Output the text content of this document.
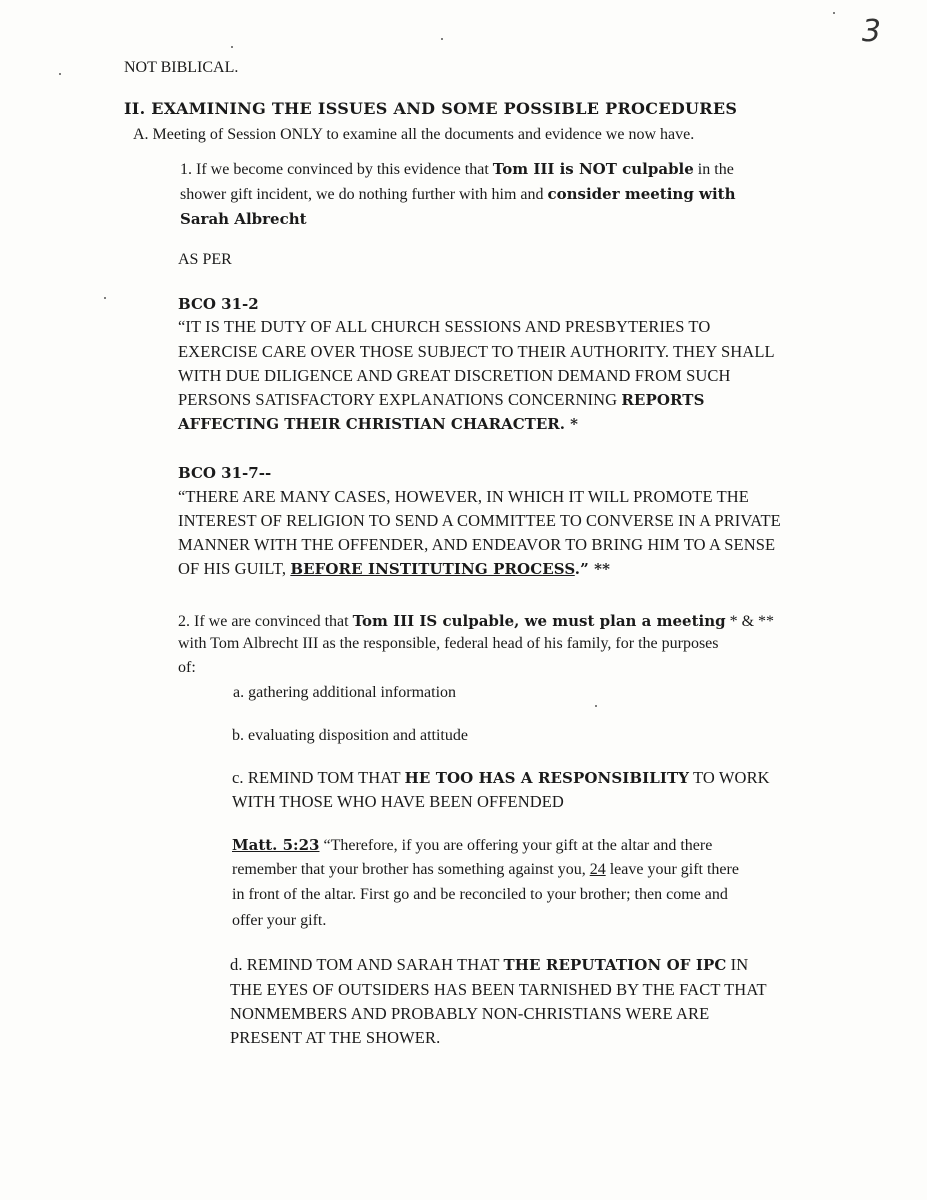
3
NOT BIBLICAL.
II. EXAMINING THE ISSUES AND SOME POSSIBLE PROCEDURES
A. Meeting of Session ONLY to examine all the documents and evidence we now have.
1. If we become convinced by this evidence that Tom III is NOT culpable in the
shower gift incident, we do nothing further with him and consider meeting with
Sarah Albrecht
AS PER
BCO 31-2
“IT IS THE DUTY OF ALL CHURCH SESSIONS AND PRESBYTERIES TO
EXERCISE CARE OVER THOSE SUBJECT TO THEIR AUTHORITY. THEY SHALL
WITH DUE DILIGENCE AND GREAT DISCRETION DEMAND FROM SUCH
PERSONS SATISFACTORY EXPLANATIONS CONCERNING REPORTS
AFFECTING THEIR CHRISTIAN CHARACTER. *
BCO 31-7--
“THERE ARE MANY CASES, HOWEVER, IN WHICH IT WILL PROMOTE THE
INTEREST OF RELIGION TO SEND A COMMITTEE TO CONVERSE IN A PRIVATE
MANNER WITH THE OFFENDER, AND ENDEAVOR TO BRING HIM TO A SENSE
OF HIS GUILT, BEFORE INSTITUTING PROCESS.” **
2. If we are convinced that Tom III IS culpable, we must plan a meeting * & **
with Tom Albrecht III as the responsible, federal head of his family, for the purposes
of:
a. gathering additional information
b. evaluating disposition and attitude
c. REMIND TOM THAT HE TOO HAS A RESPONSIBILITY TO WORK
WITH THOSE WHO HAVE BEEN OFFENDED
Matt. 5:23 “Therefore, if you are offering your gift at the altar and there
remember that your brother has something against you, 24 leave your gift there
in front of the altar. First go and be reconciled to your brother; then come and
offer your gift.
d. REMIND TOM AND SARAH THAT THE REPUTATION OF IPC IN
THE EYES OF OUTSIDERS HAS BEEN TARNISHED BY THE FACT THAT
NONMEMBERS AND PROBABLY NON-CHRISTIANS WERE ARE
PRESENT AT THE SHOWER.
